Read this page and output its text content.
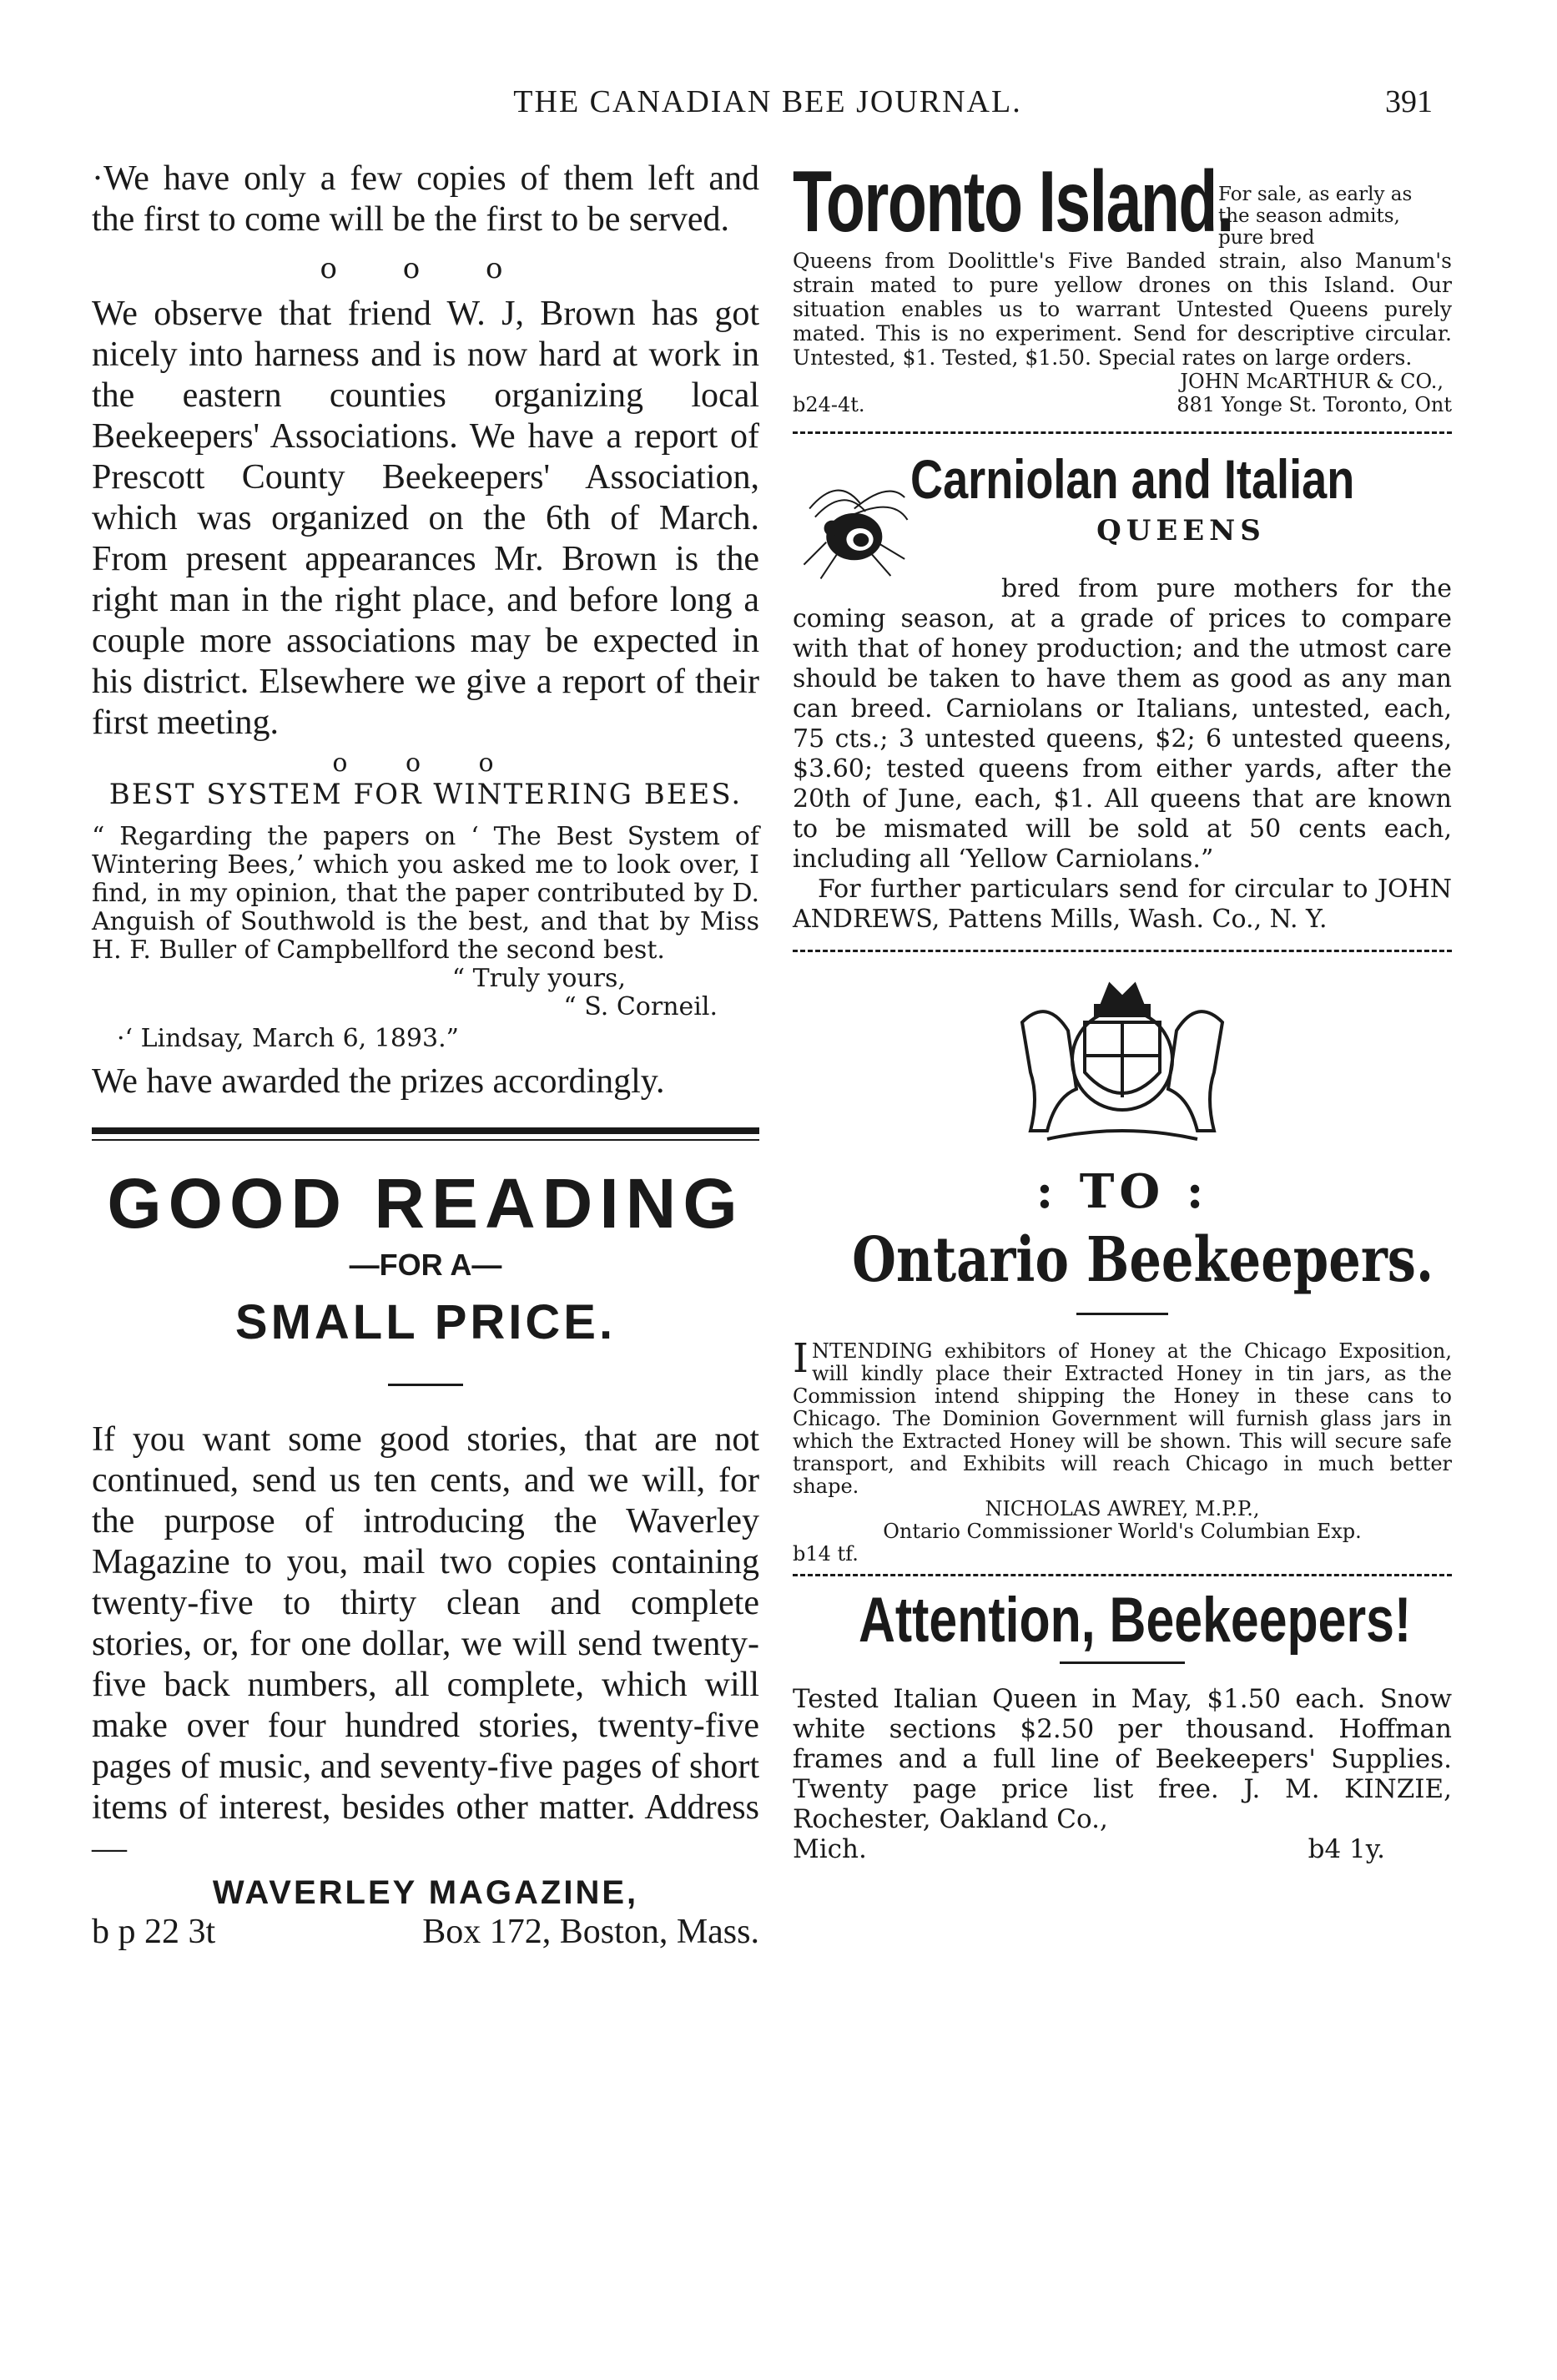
THE CANADIAN BEE JOURNAL.	391

·We have only a few copies of them left and the first to come will be the first to be served.

o o o

We observe that friend W. J, Brown has got nicely into harness and is now hard at work in the eastern counties organizing local Beekeepers' Associations. We have a report of Prescott County Beekeepers' Association, which was organized on the 6th of March. From present appearances Mr. Brown is the right man in the right place, and before long a couple more associations may be expected in his district. Elsewhere we give a report of their first meeting.

o o o

BEST SYSTEM FOR WINTERING BEES.

“ Regarding the papers on ‘ The Best System of Wintering Bees,’ which you asked me to look over, I find, in my opinion, that the paper contributed by D. Anguish of Southwold is the best, and that by Miss H. F. Buller of Campbellford the second best.

“ Truly yours,

“ S. Corneil.

·‘ Lindsay, March 6, 1893.”

We have awarded the prizes accordingly.

GOOD READING
—FOR A—
SMALL PRICE.

If you want some good stories, that are not continued, send us ten cents, and we will, for the purpose of introducing the Waverley Magazine to you, mail two copies containing twenty-five to thirty clean and complete stories, or, for one dollar, we will send twenty-five back numbers, all complete, which will make over four hundred stories, twenty-five pages of music, and seventy-five pages of short items of interest, besides other matter. Address —

WAVERLEY MAGAZINE,
b p 22 3t	Box 172, Boston, Mass.
Toronto Island.
For sale, as early as the season admits, pure bred

Queens from Doolittle's Five Banded strain, also Manum's strain mated to pure yellow drones on this Island. Our situation enables us to warrant Untested Queens purely mated. This is no experiment. Send for descriptive circular. Untested, $1. Tested, $1.50. Special rates on large orders.

JOHN McARTHUR & CO.,
b24-4t.	881 Yonge St. Toronto, Ont
Carniolan and Italian
QUEENS

bred from pure mothers for the coming season, at a grade of prices to compare with that of honey production; and the utmost care should be taken to have them as good as any man can breed. Carniolans or Italians, untested, each, 75 cts.; 3 untested queens, $2; 6 untested queens, $3.60; tested queens from either yards, after the 20th of June, each, $1. All queens that are known to be mismated will be sold at 50 cents each, including all ‘Yellow Carniolans.”

For further particulars send for circular to JOHN ANDREWS, Pattens Mills, Wash. Co., N. Y.

: TO :

Ontario Beekeepers.

INTENDING exhibitors of Honey at the Chicago Exposition, will kindly place their Extracted Honey in tin jars, as the Commission intend shipping the Honey in these cans to Chicago. The Dominion Government will furnish glass jars in which the Extracted Honey will be shown. This will secure safe transport, and Exhibits will reach Chicago in much better shape.

NICHOLAS AWREY, M.P.P.,

Ontario Commissioner World's Columbian Exp.

b14 tf.

Attention, Beekeepers!

Tested Italian Queen in May, $1.50 each. Snow white sections $2.50 per thousand. Hoffman frames and a full line of Beekeepers' Supplies. Twenty page price list free. J. M. KINZIE, Rochester, Oakland Co.,

Mich.	b4 1y.
